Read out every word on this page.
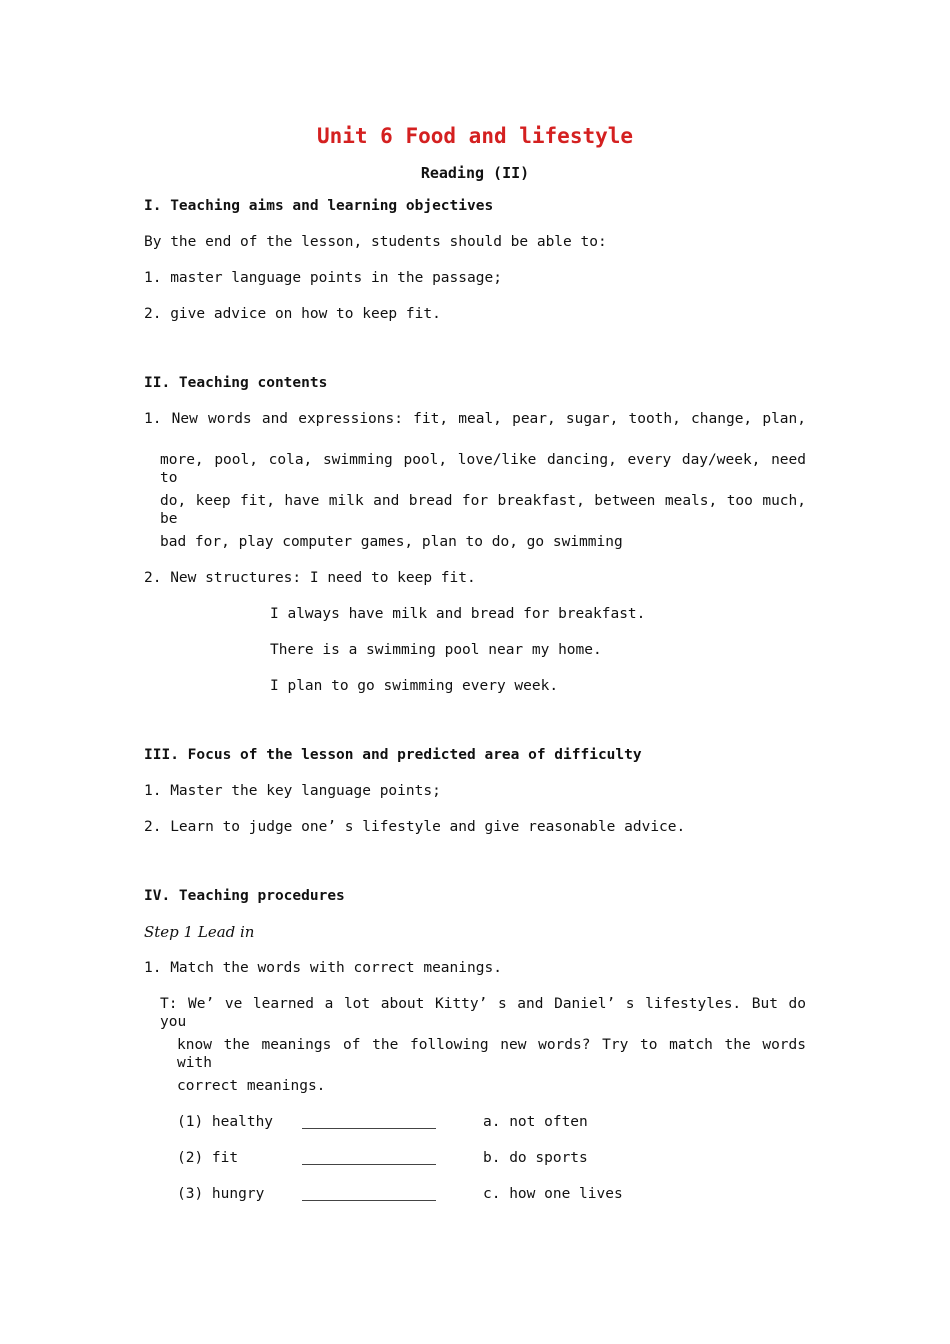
Unit 6 Food and lifestyle
Reading (II)
I. Teaching aims and learning objectives
By the end of the lesson, students should be able to:
1. master language points in the passage;
2. give advice on how to keep fit.
II. Teaching contents
1. New words and expressions: fit, meal, pear, sugar, tooth, change, plan,
more, pool, cola, swimming pool, love/like dancing, every day/week, need to
do, keep fit, have milk and bread for breakfast, between meals, too much, be
bad for, play computer games, plan to do, go swimming
2. New structures: I need to keep fit.
I always have milk and bread for breakfast.
There is a swimming pool near my home.
I plan to go swimming every week.
III. Focus of the lesson and predicted area of difficulty
1. Master the key language points;
2. Learn to judge one’ s lifestyle and give reasonable advice.
IV. Teaching procedures
Step 1 Lead in
1. Match the words with correct meanings.
T: We’ ve learned a lot about Kitty’ s and Daniel’ s lifestyles. But do you
know the meanings of the following new words? Try to match the words with
correct meanings.
(1) healthy	a. not often
(2) fit	b. do sports
(3) hungry	c. how one lives
